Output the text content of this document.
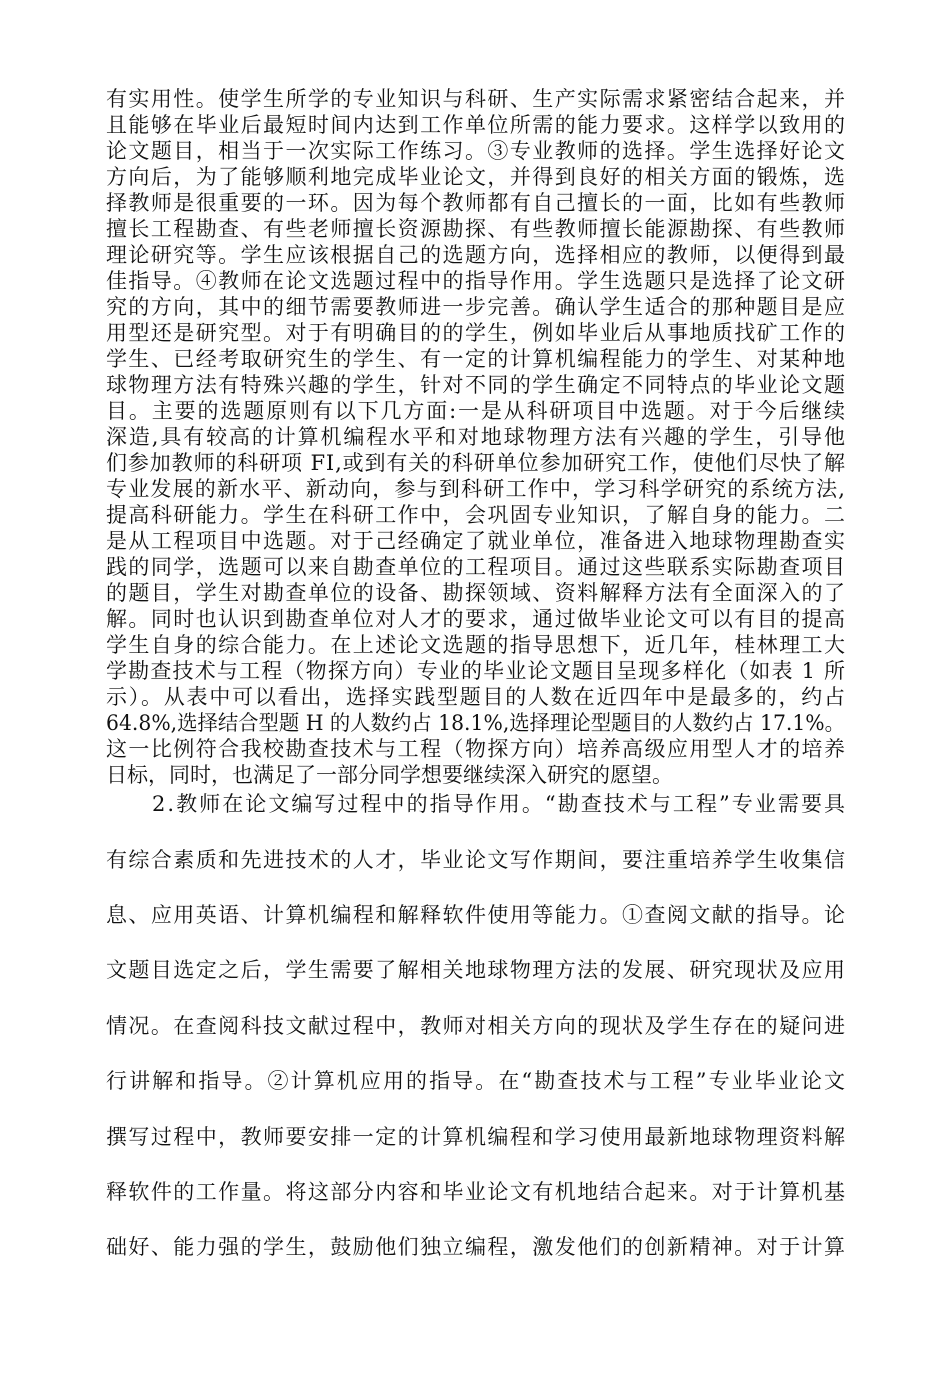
有实用性。使学生所学的专业知识与科研、生产实际需求紧密结合起来，并
且能够在毕业后最短时间内达到工作单位所需的能力要求。这样学以致用的
论文题目，相当于一次实际工作练习。③专业教师的选择。学生选择好论文
方向后，为了能够顺利地完成毕业论文，并得到良好的相关方面的锻炼，选
择教师是很重要的一环。因为每个教师都有自己擅长的一面，比如有些教师
擅长工程勘查、有些老师擅长资源勘探、有些教师擅长能源勘探、有些教师
理论研究等。学生应该根据自己的选题方向，选择相应的教师，以便得到最
佳指导。④教师在论文选题过程中的指导作用。学生选题只是选择了论文研
究的方向，其中的细节需要教师进一步完善。确认学生适合的那种题目是应
用型还是研究型。对于有明确目的的学生，例如毕业后从事地质找矿工作的
学生、已经考取研究生的学生、有一定的计算机编程能力的学生、对某种地
球物理方法有特殊兴趣的学生，针对不同的学生确定不同特点的毕业论文题
目。主要的选题原则有以下几方面:一是从科研项目中选题。对于今后继续
深造,具有较高的计算机编程水平和对地球物理方法有兴趣的学生，引导他
们参加教师的科研项 FI,或到有关的科研单位参加研究工作，使他们尽快了解
专业发展的新水平、新动向，参与到科研工作中，学习科学研究的系统方法,
提高科研能力。学生在科研工作中，会巩固专业知识，了解自身的能力。二
是从工程项目中选题。对于己经确定了就业单位，准备进入地球物理勘查实
践的同学，选题可以来自勘查单位的工程项目。通过这些联系实际勘查项目
的题目，学生对勘查单位的设备、勘探领域、资料解释方法有全面深入的了
解。同时也认识到勘查单位对人才的要求，通过做毕业论文可以有目的提高
学生自身的综合能力。在上述论文选题的指导思想下，近几年，桂林理工大
学勘查技术与工程（物探方向）专业的毕业论文题目呈现多样化（如表 1 所
示）。从表中可以看出，选择实践型题目的人数在近四年中是最多的，约占
64.8%,选择结合型题 H 的人数约占 18.1%,选择理论型题目的人数约占 17.1%。
这一比例符合我校勘查技术与工程（物探方向）培养高级应用型人才的培养
日标，同时，也满足了一部分同学想要继续深入研究的愿望。
2.教师在论文编写过程中的指导作用。“勘查技术与工程”专业需要具
有综合素质和先进技术的人才，毕业论文写作期间，要注重培养学生收集信
息、应用英语、计算机编程和解释软件使用等能力。①查阅文献的指导。论
文题目选定之后，学生需要了解相关地球物理方法的发展、研究现状及应用
情况。在查阅科技文献过程中，教师对相关方向的现状及学生存在的疑问进
行讲解和指导。②计算机应用的指导。在“勘查技术与工程”专业毕业论文
撰写过程中，教师要安排一定的计算机编程和学习使用最新地球物理资料解
释软件的工作量。将这部分内容和毕业论文有机地结合起来。对于计算机基
础好、能力强的学生，鼓励他们独立编程，激发他们的创新精神。对于计算
